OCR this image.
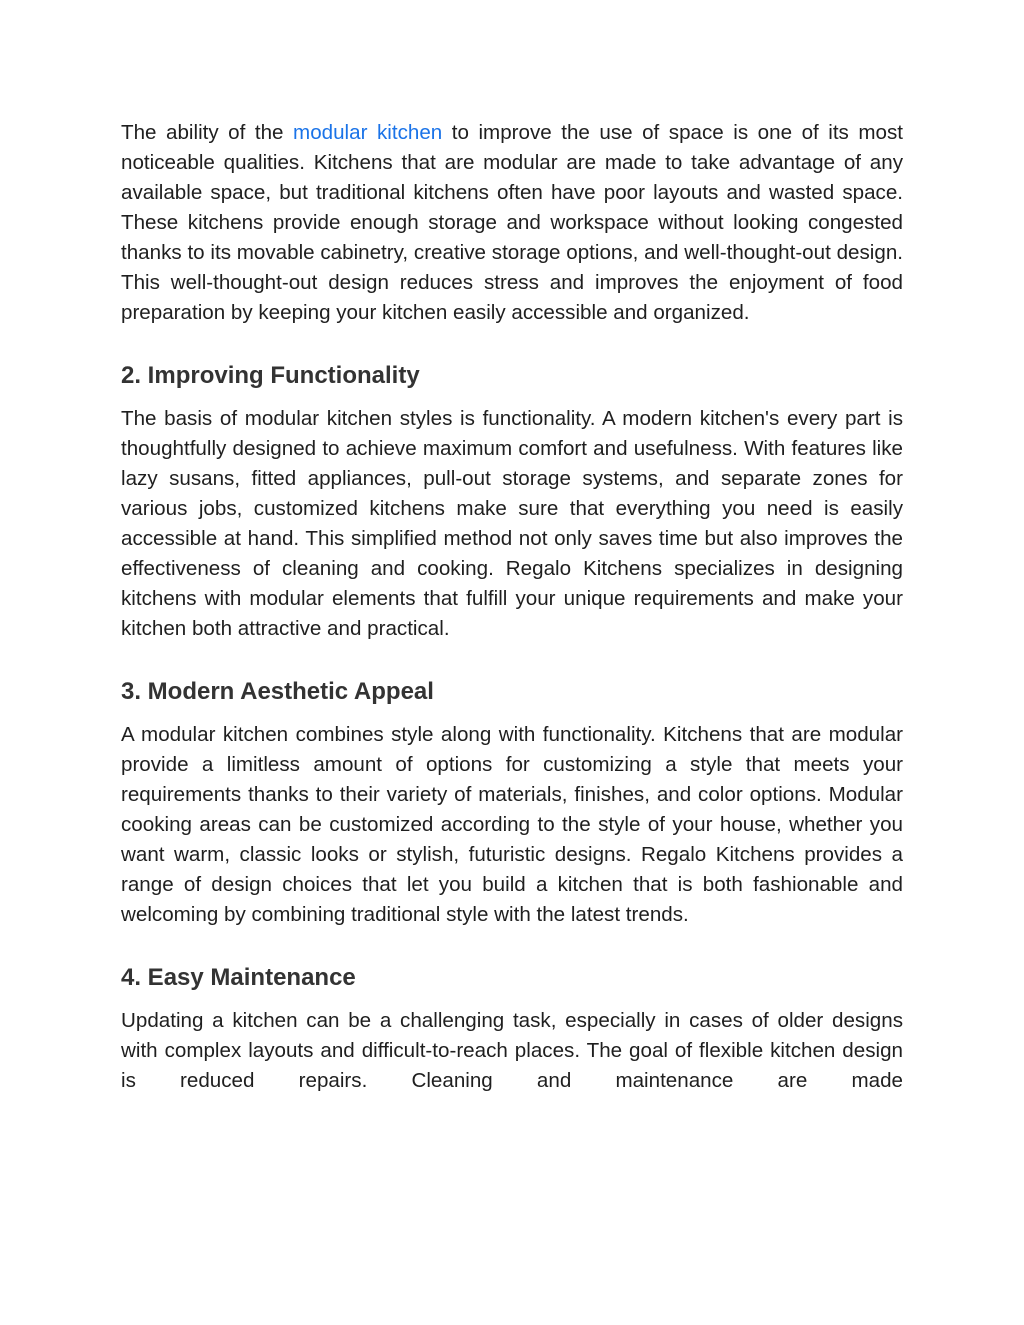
The ability of the modular kitchen to improve the use of space is one of its most noticeable qualities. Kitchens that are modular are made to take advantage of any available space, but traditional kitchens often have poor layouts and wasted space. These kitchens provide enough storage and workspace without looking congested thanks to its movable cabinetry, creative storage options, and well-thought-out design. This well-thought-out design reduces stress and improves the enjoyment of food preparation by keeping your kitchen easily accessible and organized.

2. Improving Functionality

The basis of modular kitchen styles is functionality. A modern kitchen's every part is thoughtfully designed to achieve maximum comfort and usefulness. With features like lazy susans, fitted appliances, pull-out storage systems, and separate zones for various jobs, customized kitchens make sure that everything you need is easily accessible at hand. This simplified method not only saves time but also improves the effectiveness of cleaning and cooking. Regalo Kitchens specializes in designing kitchens with modular elements that fulfill your unique requirements and make your kitchen both attractive and practical.

3. Modern Aesthetic Appeal

A modular kitchen combines style along with functionality. Kitchens that are modular provide a limitless amount of options for customizing a style that meets your requirements thanks to their variety of materials, finishes, and color options. Modular cooking areas can be customized according to the style of your house, whether you want warm, classic looks or stylish, futuristic designs. Regalo Kitchens provides a range of design choices that let you build a kitchen that is both fashionable and welcoming by combining traditional style with the latest trends.

4. Easy Maintenance

Updating a kitchen can be a challenging task, especially in cases of older designs with complex layouts and difficult-to-reach places. The goal of flexible kitchen design is reduced repairs. Cleaning and maintenance are made
